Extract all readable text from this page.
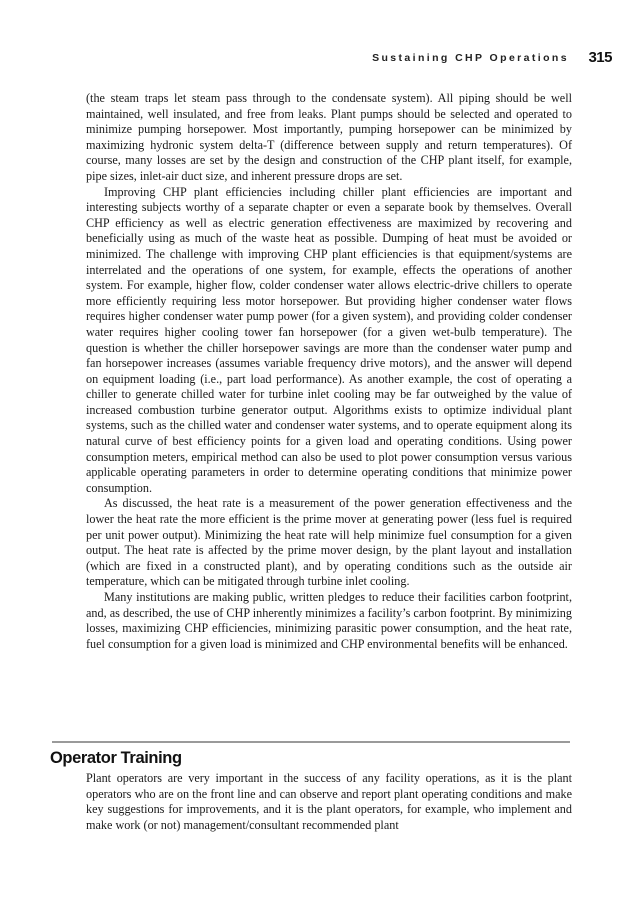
Sustaining CHP Operations 315

(the steam traps let steam pass through to the condensate system). All piping should be well maintained, well insulated, and free from leaks. Plant pumps should be selected and operated to minimize pumping horsepower. Most importantly, pumping horsepower can be minimized by maximizing hydronic system delta-T (difference between supply and return temperatures). Of course, many losses are set by the design and construction of the CHP plant itself, for example, pipe sizes, inlet-air duct size, and inherent pressure drops are set.

Improving CHP plant efficiencies including chiller plant efficiencies are important and interesting subjects worthy of a separate chapter or even a separate book by themselves. Overall CHP efficiency as well as electric generation effectiveness are maximized by recovering and beneficially using as much of the waste heat as possible. Dumping of heat must be avoided or minimized. The challenge with improving CHP plant efficiencies is that equipment/systems are interrelated and the operations of one system, for example, effects the operations of another system. For example, higher flow, colder condenser water allows electric-drive chillers to operate more efficiently requiring less motor horsepower. But providing higher condenser water flows requires higher condenser water pump power (for a given system), and providing colder condenser water requires higher cooling tower fan horsepower (for a given wet-bulb temperature). The question is whether the chiller horsepower savings are more than the condenser water pump and fan horsepower increases (assumes variable frequency drive motors), and the answer will depend on equipment loading (i.e., part load performance). As another example, the cost of operating a chiller to generate chilled water for turbine inlet cooling may be far outweighed by the value of increased combustion turbine generator output. Algorithms exists to optimize individual plant systems, such as the chilled water and condenser water systems, and to operate equipment along its natural curve of best efficiency points for a given load and operating conditions. Using power consumption meters, empirical method can also be used to plot power consumption versus various applicable operating parameters in order to determine operating conditions that minimize power consumption.

As discussed, the heat rate is a measurement of the power generation effectiveness and the lower the heat rate the more efficient is the prime mover at generating power (less fuel is required per unit power output). Minimizing the heat rate will help minimize fuel consumption for a given output. The heat rate is affected by the prime mover design, by the plant layout and installation (which are fixed in a constructed plant), and by operating conditions such as the outside air temperature, which can be mitigated through turbine inlet cooling.

Many institutions are making public, written pledges to reduce their facilities carbon footprint, and, as described, the use of CHP inherently minimizes a facility’s carbon footprint. By minimizing losses, maximizing CHP efficiencies, minimizing parasitic power consumption, and the heat rate, fuel consumption for a given load is minimized and CHP environmental benefits will be enhanced.

Operator Training

Plant operators are very important in the success of any facility operations, as it is the plant operators who are on the front line and can observe and report plant operating conditions and make key suggestions for improvements, and it is the plant operators, for example, who implement and make work (or not) management/consultant recommended plant
